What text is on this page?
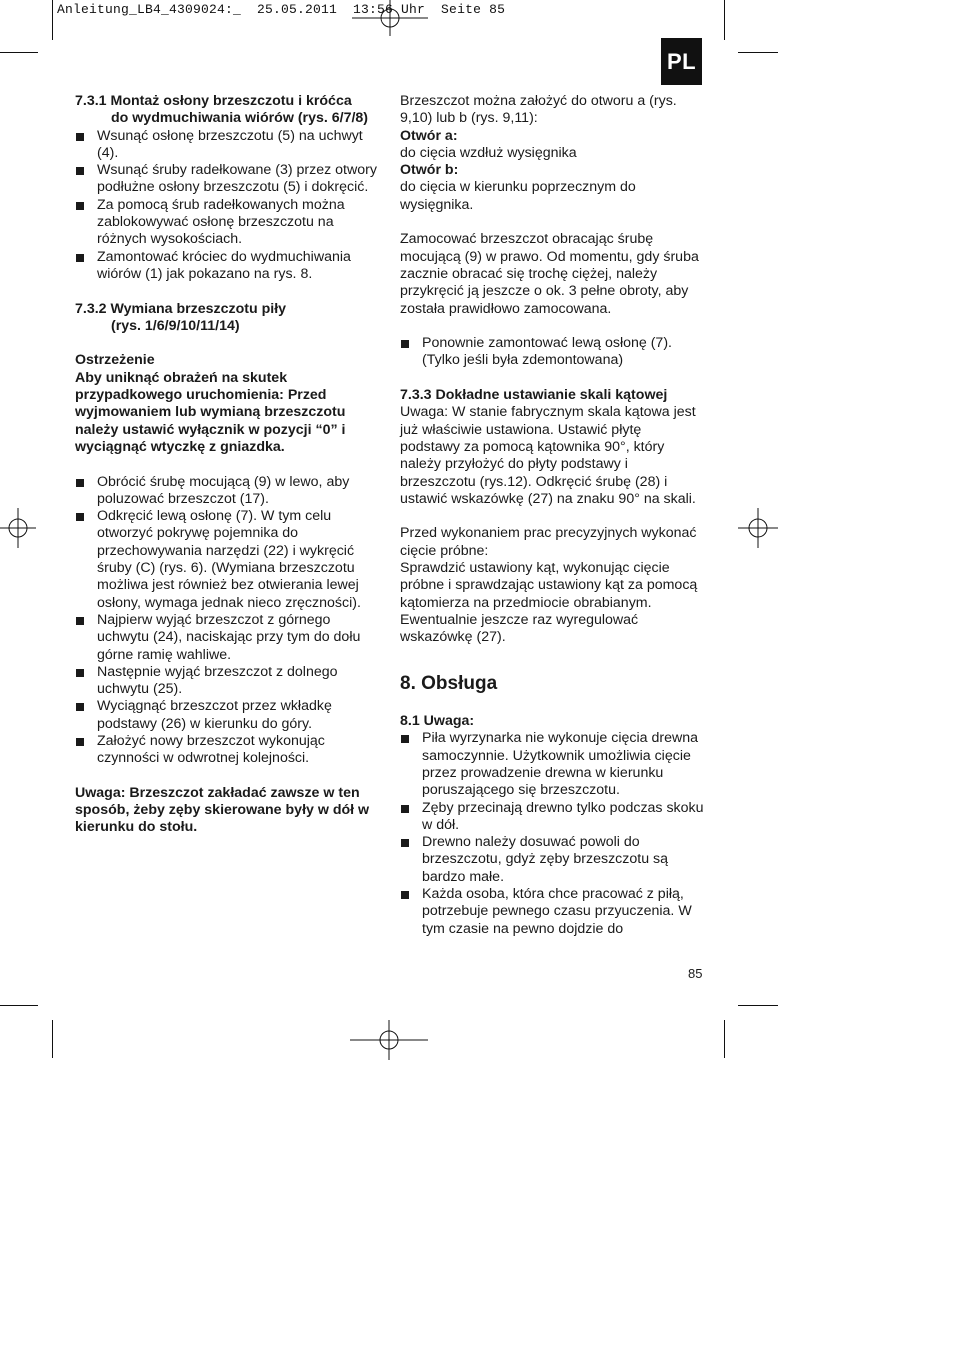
Anleitung_LB4_4309024:_  25.05.2011  13:56 Uhr  Seite 85
PL

7.3.1 Montaż osłony brzeszczotu i króćca

do wydmuchiwania wiórów (rys. 6/7/8)

Wsunąć osłonę brzeszczotu (5) na uchwyt (4).
Wsunąć śruby radełkowane (3) przez otwory podłużne osłony brzeszczotu (5) i dokręcić.
Za pomocą śrub radełkowanych można zablokowywać osłonę brzeszczotu na różnych wysokościach.
Zamontować króciec do wydmuchiwania wiórów (1) jak pokazano na rys. 8.

7.3.2 Wymiana brzeszczotu piły

(rys. 1/6/9/10/11/14)

Ostrzeżenie

Aby uniknąć obrażeń na skutek przypadkowego uruchomienia: Przed wyjmowaniem lub wymianą brzeszczotu należy ustawić wyłącznik w pozycji “0” i wyciągnąć wtyczkę z gniazdka.

Obrócić śrubę mocującą (9) w lewo, aby poluzować brzeszczot (17).
Odkręcić lewą osłonę (7). W tym celu otworzyć pokrywę pojemnika do przechowywania narzędzi (22) i wykręcić śruby (C) (rys. 6). (Wymiana brzeszczotu możliwa jest również bez otwierania lewej osłony, wymaga jednak nieco zręczności).
Najpierw wyjąć brzeszczot z górnego uchwytu (24), naciskając przy tym do dołu górne ramię wahliwe.
Następnie wyjąć brzeszczot z dolnego uchwytu (25).
Wyciągnąć brzeszczot przez wkładkę podstawy (26) w kierunku do góry.
Założyć nowy brzeszczot wykonując czynności w odwrotnej kolejności.

Uwaga: Brzeszczot zakładać zawsze w ten sposób, żeby zęby skierowane były w dół w kierunku do stołu.

Brzeszczot można założyć do otworu a (rys. 9,10) lub b (rys. 9,11):

Otwór a:

do cięcia wzdłuż wysięgnika

Otwór b:

do cięcia w kierunku poprzecznym do wysięgnika.

Zamocować brzeszczot obracając śrubę mocującą (9) w prawo. Od momentu, gdy śruba zacznie obracać się trochę ciężej, należy przykręcić ją jeszcze o ok. 3 pełne obroty, aby została prawidłowo zamocowana.

Ponownie zamontować lewą osłonę (7). (Tylko jeśli była zdemontowana)

7.3.3 Dokładne ustawianie skali kątowej

Uwaga: W stanie fabrycznym skala kątowa jest już właściwie ustawiona. Ustawić płytę podstawy za pomocą kątownika 90°, który należy przyłożyć do płyty podstawy i brzeszczotu (rys.12). Odkręcić śrubę (28) i ustawić wskazówkę (27) na znaku 90° na skali.

Przed wykonaniem prac precyzyjnych wykonać cięcie próbne:
Sprawdzić ustawiony kąt, wykonując cięcie próbne i sprawdzając ustawiony kąt za pomocą kątomierza na przedmiocie obrabianym. Ewentualnie jeszcze raz wyregulować wskazówkę (27).

8. Obsługa

8.1 Uwaga:

Piła wyrzynarka nie wykonuje cięcia drewna samoczynnie. Użytkownik umożliwia cięcie przez prowadzenie drewna w kierunku poruszającego się brzeszczotu.
Zęby przecinają drewno tylko podczas skoku w dół.
Drewno należy dosuwać powoli do brzeszczotu, gdyż zęby brzeszczotu są bardzo małe.
Każda osoba, która chce pracować z piłą, potrzebuje pewnego czasu przyuczenia. W tym czasie na pewno dojdzie do
85
